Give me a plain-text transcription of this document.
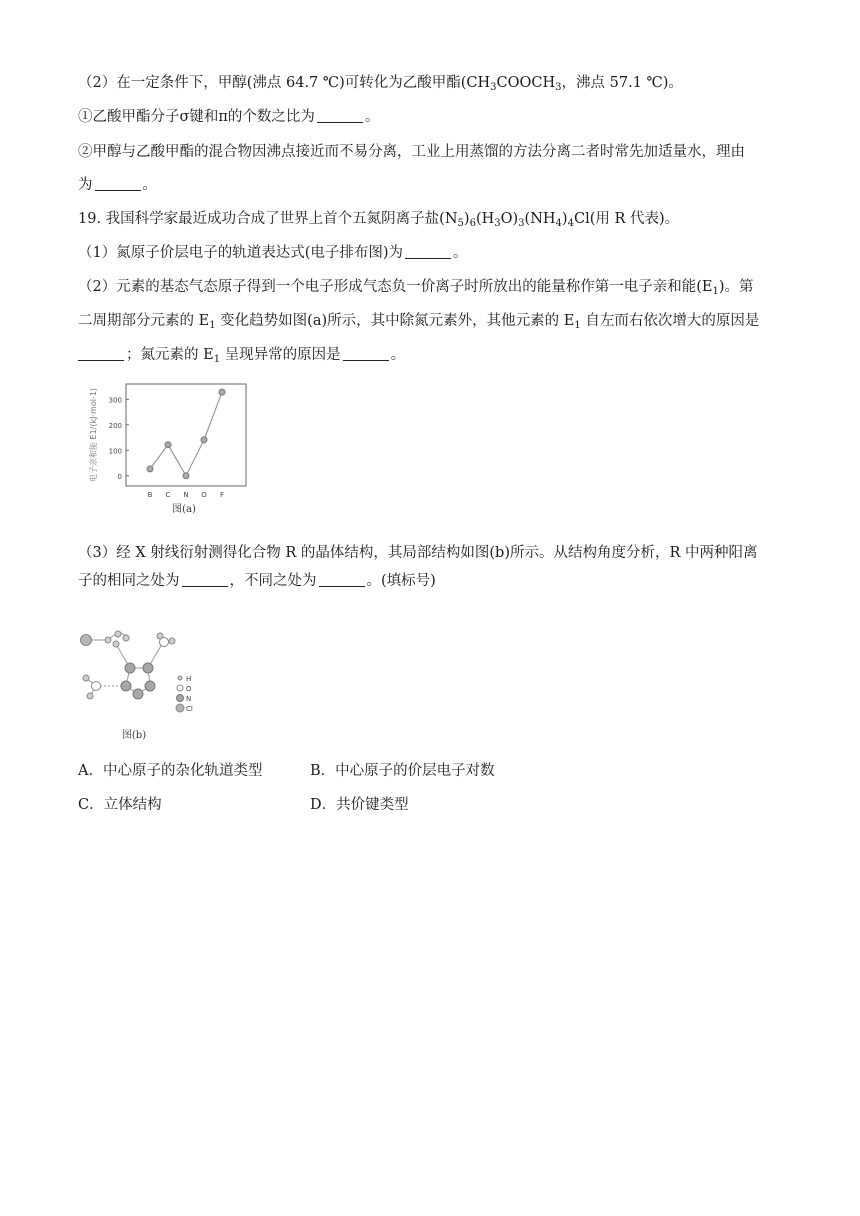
（2）在一定条件下，甲醇(沸点 64.7 ℃)可转化为乙酸甲酯($CH_3COOCH_3$，沸点 57.1 ℃)。
①乙酸甲酯分子σ键和π的个数之比为	。
②甲醇与乙酸甲酯的混合物因沸点接近而不易分离，工业上用蒸馏的方法分离二者时常先加适量水，理由
为	。
19. 我国科学家最近成功合成了世界上首个五氮阴离子盐$(N_5)_6(H_3O)_3(NH_4)_4Cl$(用 R 代表)。
（1）氮原子价层电子的轨道表达式(电子排布图)为	。
（2）元素的基态气态原子得到一个电子形成气态负一价离子时所放出的能量称作第一电子亲和能$(E_1)$。第
二周期部分元素的 $E_1$ 变化趋势如图(a)所示，其中除氮元素外，其他元素的 $E_1$ 自左而右依次增大的原因是
；氮元素的 $E_1$ 呈现异常的原因是	。
电子亲和能 E1/(kJ·mol-1)	0
100
200
300
B C N O F
图(a)
（3）经 X 射线衍射测得化合物 R 的晶体结构，其局部结构如图(b)所示。从结构角度分析，R 中两种阳离
子的相同之处为	，不同之处为	。(填标号)
H
O
N
Cl
图(b)
A．中心原子的杂化轨道类型	B．中心原子的价层电子对数
C．立体结构	D．共价键类型
